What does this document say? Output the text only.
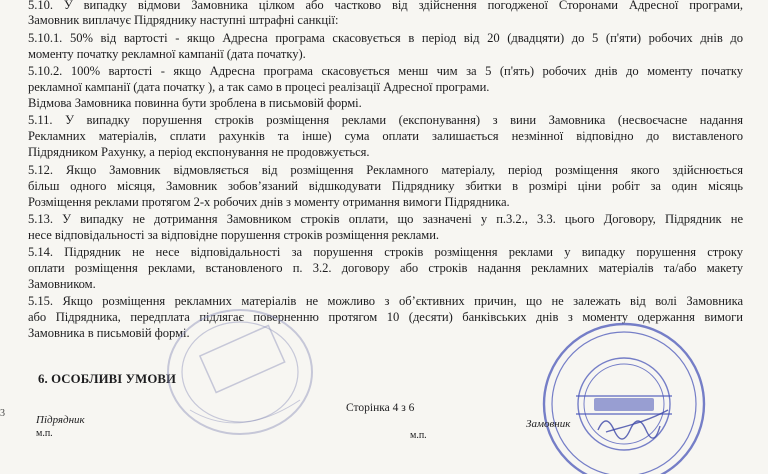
5.10. У випадку відмови Замовника цілком або частково від здійснення погодженої Сторонами Адресної програми,
Замовник виплачує Підряднику наступні штрафні санкції:
5.10.1. 50% від вартості - якщо Адресна програма скасовується в період від 20 (двадцяти) до 5 (п'яти) робочих днів до
моменту початку рекламної кампанії (дата початку).
5.10.2. 100% вартості - якщо Адресна програма скасовується менш чим за 5 (п'ять) робочих днів до моменту початку
рекламної кампанії (дата початку ), а так само в процесі реалізації Адресної програми.
Відмова Замовника повинна бути зроблена в письмовій формі.
5.11. У випадку порушення строків розміщення реклами (експонування) з вини Замовника (несвоєчасне надання
Рекламних матеріалів, сплати рахунків та інше) сума оплати залишається незмінної відповідно до виставленого
Підрядником Рахунку, а період експонування не продовжується.
5.12. Якщо Замовник відмовляється від розміщення Рекламного матеріалу, період розміщення якого здійснюється
більш одного місяця, Замовник зобов’язаний відшкодувати Підряднику збитки в розмірі ціни робіт за один місяць
Розміщення реклами протягом 2-х робочих днів з моменту отримання вимоги Підрядника.
5.13. У випадку не дотримання Замовником строків оплати, що зазначені у п.3.2., 3.3. цього Договору, Підрядник не
несе відповідальності за відповідне порушення строків розміщення реклами.
5.14. Підрядник не несе відповідальності за порушення строків розміщення реклами у випадку порушення строку
оплати розміщення реклами, встановленого п. 3.2. договору або строків надання рекламних матеріалів та/або макету
Замовником.
5.15. Якщо розміщення рекламних матеріалів не можливо з об’єктивних причин, що не залежать від волі Замовника
або Підрядника, передплата підлягає поверненню протягом 10 (десяти) банківських днів з моменту одержання вимоги
Замовника в письмовій формі.
6. ОСОБЛИВІ УМОВИ
3
Підрядник
м.п.
Сторінка 4 з 6
м.п.
Замовник
